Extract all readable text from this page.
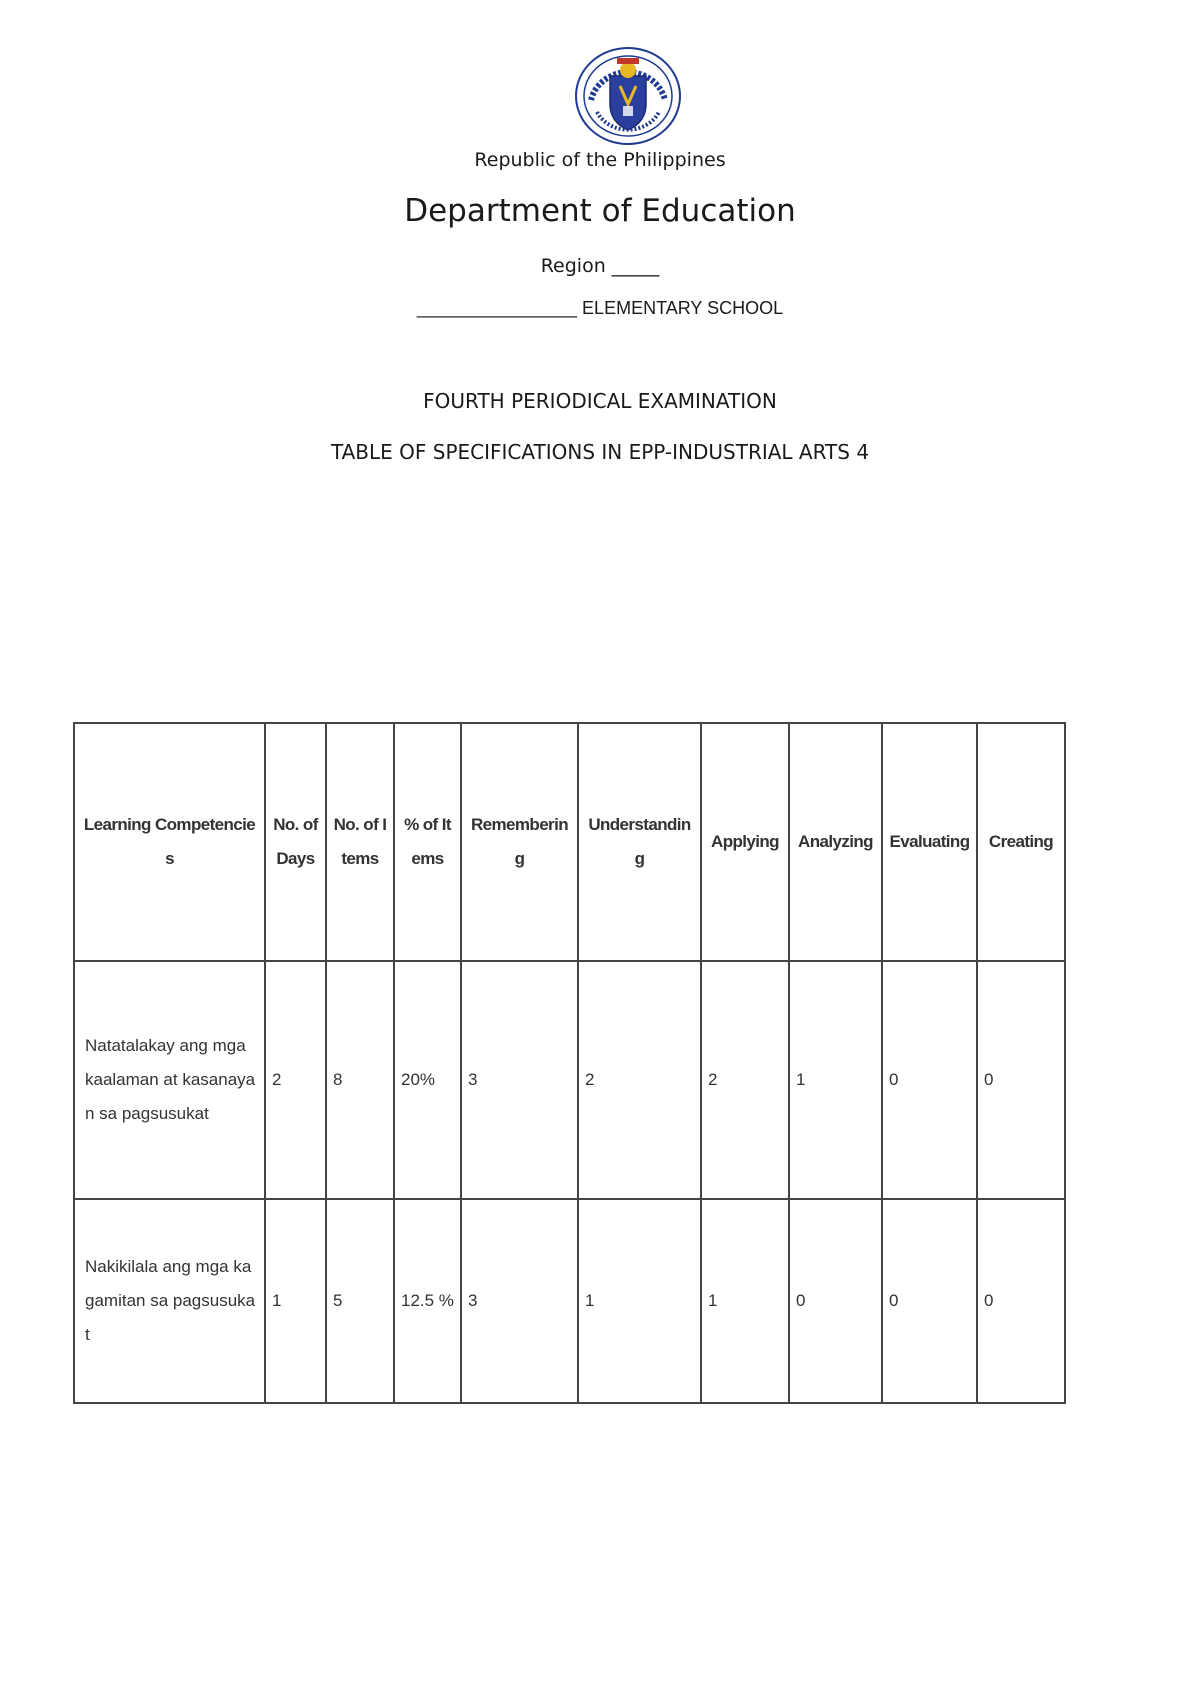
Republic of the Philippines
Department of Education
Region _____
________________ ELEMENTARY SCHOOL
FOURTH PERIODICAL EXAMINATION
TABLE OF SPECIFICATIONS IN EPP-INDUSTRIAL ARTS 4
Learning Competencies	No. of Days	No. of Items	% of Items	Remembering	Understanding	Applying	Analyzing	Evaluating	Creating
Natatalakay ang mga kaalaman at kasanayan sa pagsusukat	2	8	20%	3	2	2	1	0	0
Nakikilala ang mga kagamitan sa pagsusukat	1	5	12.5 %	3	1	1	0	0	0
